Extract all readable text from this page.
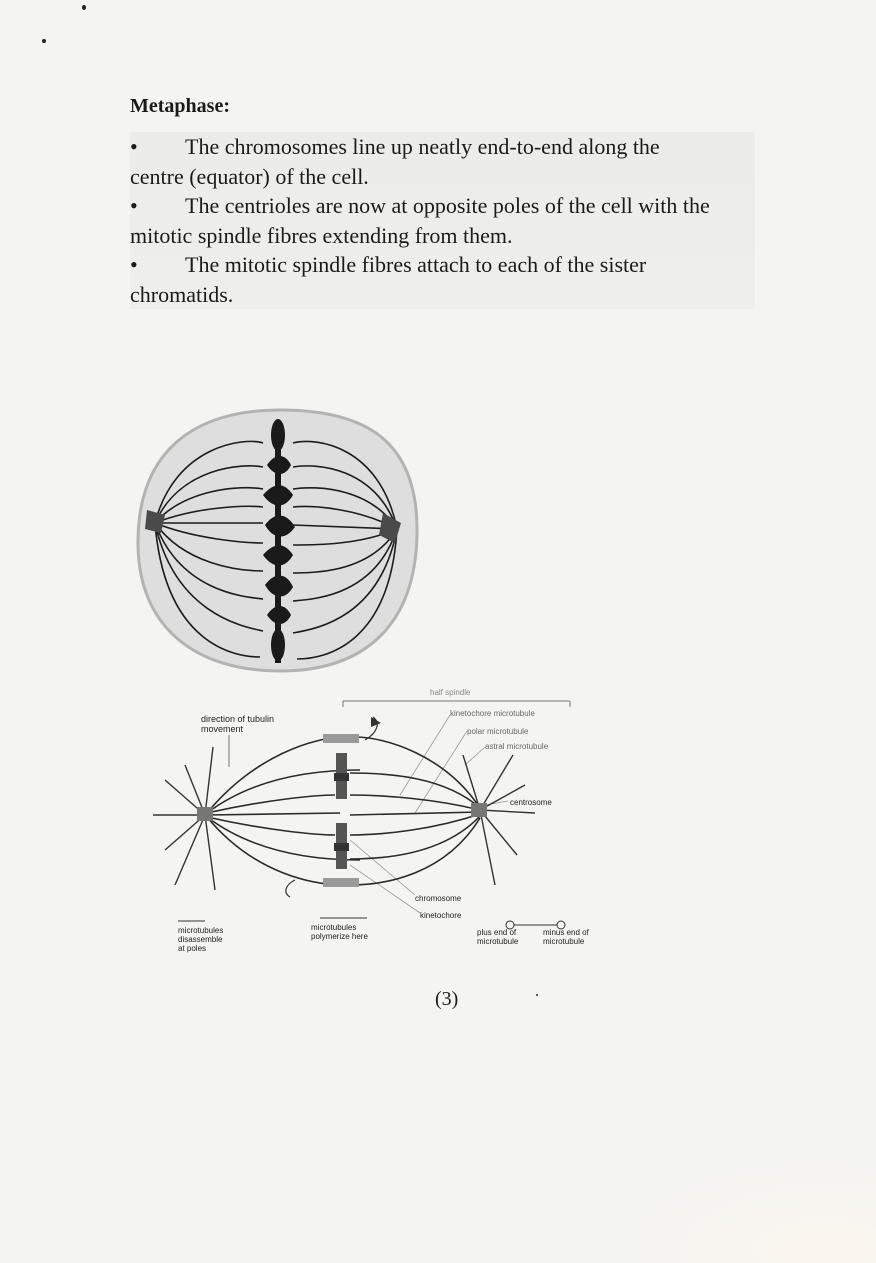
Metaphase:

• The chromosomes line up neatly end-to-end along the
centre (equator) of the cell.

• The centrioles are now at opposite poles of the cell with the
mitotic spindle fibres extending from them.

• The mitotic spindle fibres attach to each of the sister
chromatids.

half spindle
kinetochore microtubule
polar microtubule
astral microtubule
direction of tubulin
movement
centrosome
chromosome
kinetochore
microtubules
disassemble
at poles
microtubules
polymerize here	plus end of
microtubule
minus end of
microtubule
(3)
